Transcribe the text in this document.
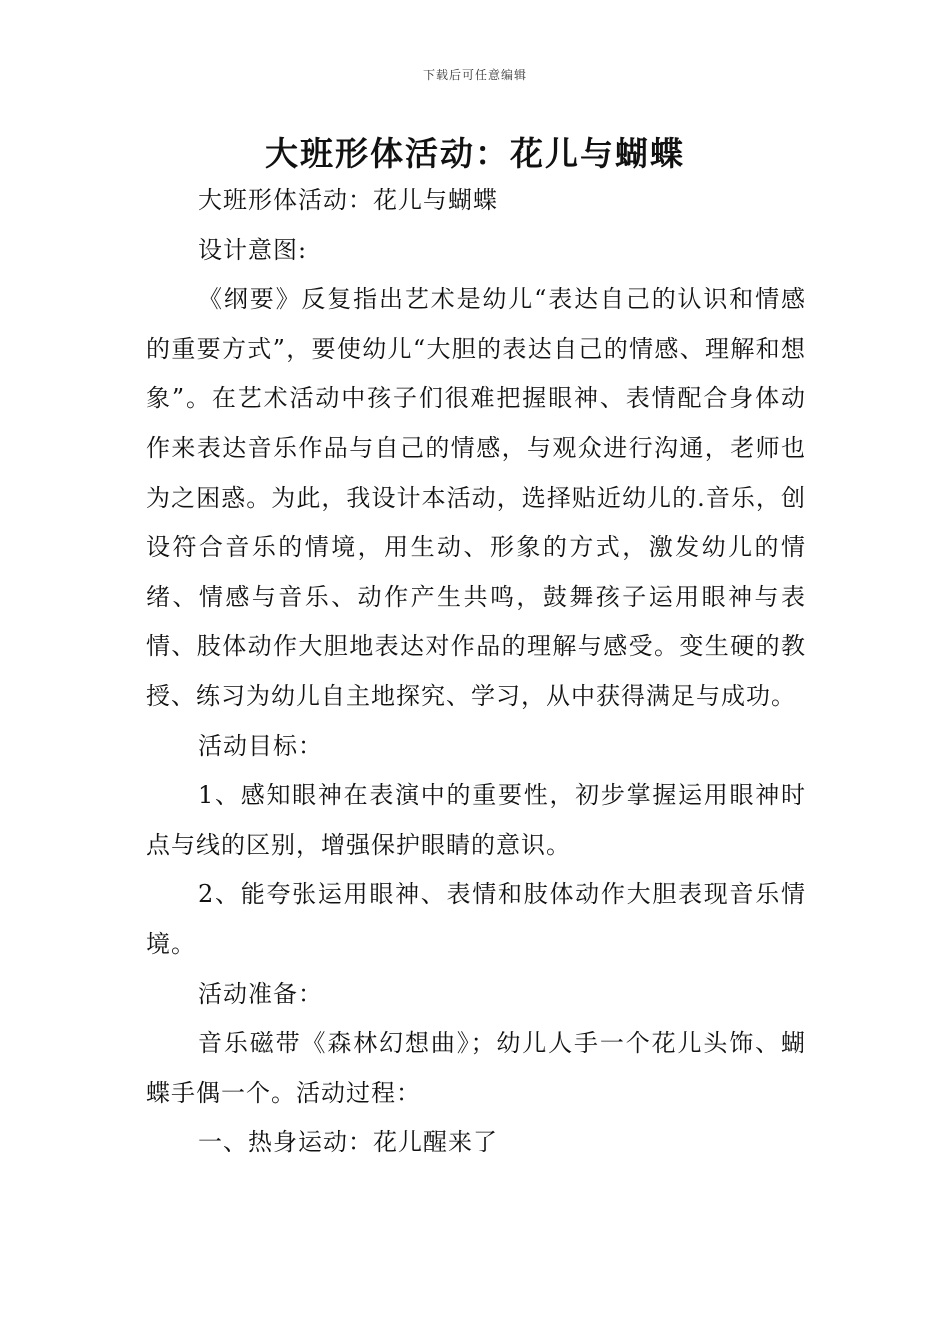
下载后可任意编辑
大班形体活动：花儿与蝴蝶

大班形体活动：花儿与蝴蝶

设计意图:

《纲要》反复指出艺术是幼儿“表达自己的认识和情感的重要方式”，要使幼儿“大胆的表达自己的情感、理解和想象”。在艺术活动中孩子们很难把握眼神、表情配合身体动作来表达音乐作品与自己的情感，与观众进行沟通，老师也为之困惑。为此，我设计本活动，选择贴近幼儿的.音乐，创设符合音乐的情境，用生动、形象的方式，激发幼儿的情绪、情感与音乐、动作产生共鸣，鼓舞孩子运用眼神与表情、肢体动作大胆地表达对作品的理解与感受。变生硬的教授、练习为幼儿自主地探究、学习，从中获得满足与成功。

活动目标：

1、感知眼神在表演中的重要性，初步掌握运用眼神时点与线的区别，增强保护眼睛的意识。

2、能夸张运用眼神、表情和肢体动作大胆表现音乐情境。

活动准备：

音乐磁带《森林幻想曲》；幼儿人手一个花儿头饰、蝴蝶手偶一个。活动过程：

一、热身运动：花儿醒来了
